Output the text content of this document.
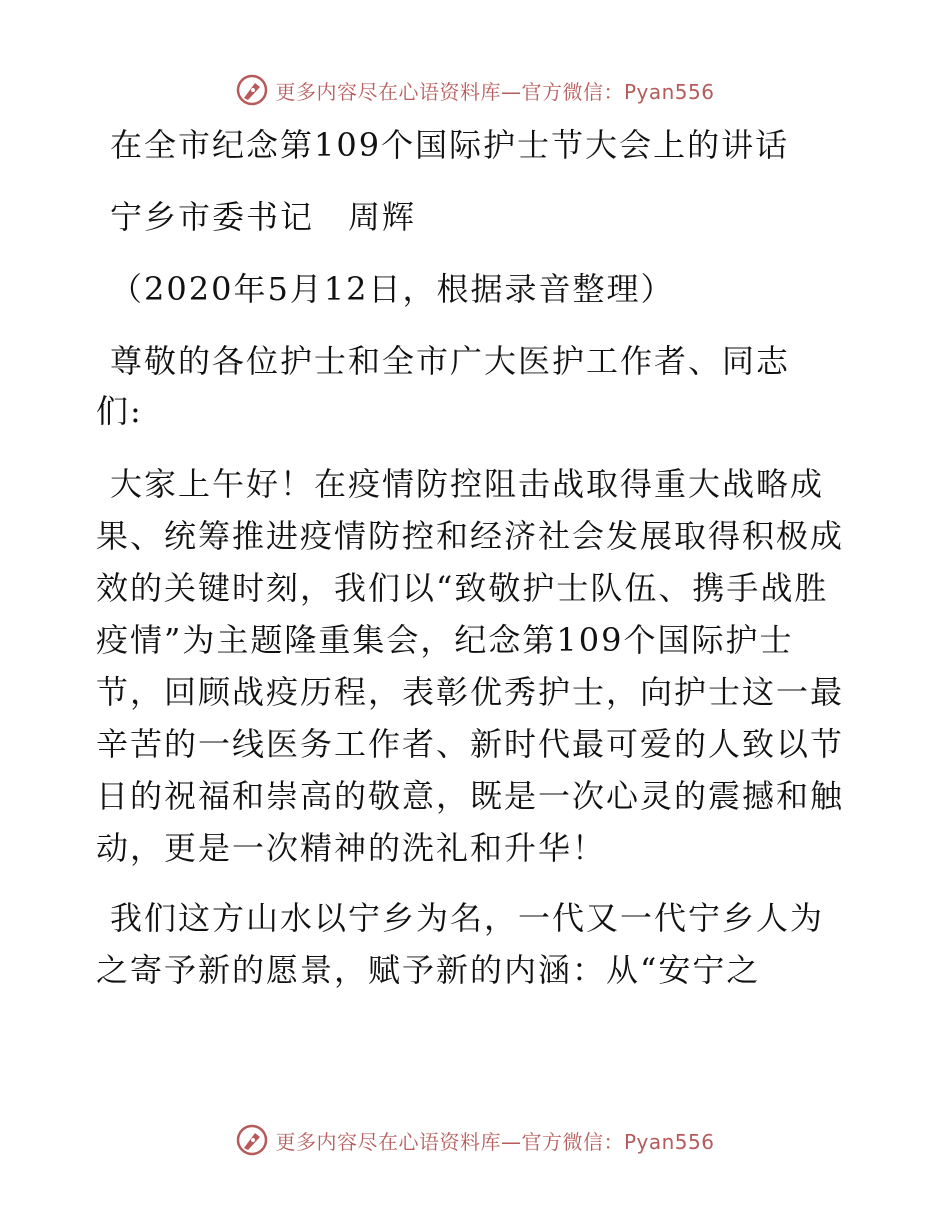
更多内容尽在心语资料库—官方微信：Pyan556
在全市纪念第109个国际护士节大会上的讲话
宁乡市委书记　周辉
（2020年5月12日，根据录音整理）
尊敬的各位护士和全市广大医护工作者、同志
们:
大家上午好！在疫情防控阻击战取得重大战略成
果、统筹推进疫情防控和经济社会发展取得积极成
效的关键时刻，我们以“致敬护士队伍、携手战胜
疫情”为主题隆重集会，纪念第109个国际护士
节，回顾战疫历程，表彰优秀护士，向护士这一最
辛苦的一线医务工作者、新时代最可爱的人致以节
日的祝福和崇高的敬意，既是一次心灵的震撼和触
动，更是一次精神的洗礼和升华！
我们这方山水以宁乡为名，一代又一代宁乡人为
之寄予新的愿景，赋予新的内涵：从“安宁之
更多内容尽在心语资料库—官方微信：Pyan556
